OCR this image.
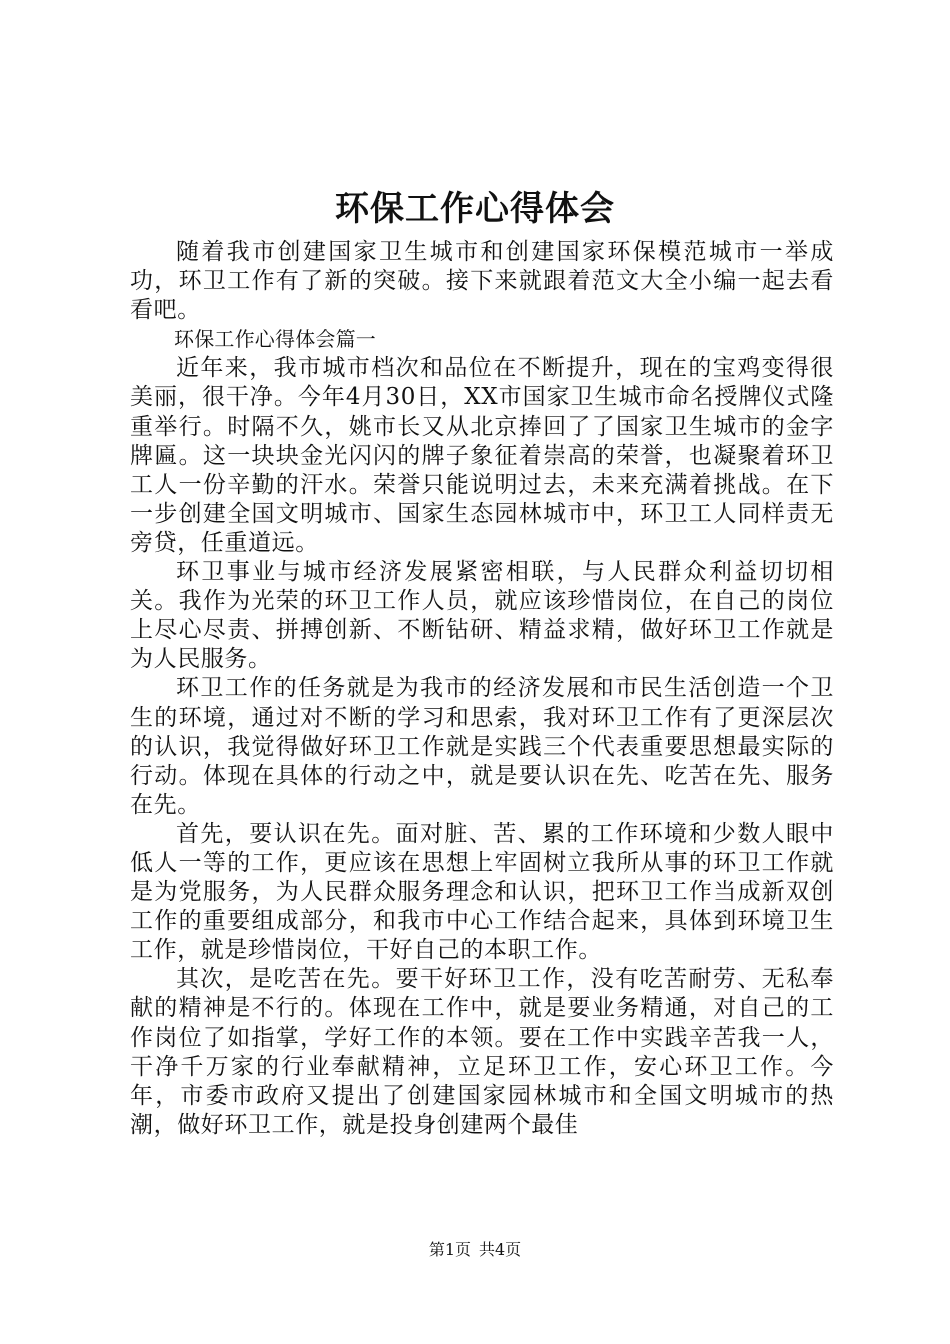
环保工作心得体会

随着我市创建国家卫生城市和创建国家环保模范城市一举成功，环卫工作有了新的突破。接下来就跟着范文大全小编一起去看看吧。

环保工作心得体会篇一

近年来，我市城市档次和品位在不断提升，现在的宝鸡变得很美丽，很干净。今年4月30日，XX市国家卫生城市命名授牌仪式隆重举行。时隔不久，姚市长又从北京捧回了了国家卫生城市的金字牌匾。这一块块金光闪闪的牌子象征着崇高的荣誉，也凝聚着环卫工人一份辛勤的汗水。荣誉只能说明过去，未来充满着挑战。在下一步创建全国文明城市、国家生态园林城市中，环卫工人同样责无旁贷，任重道远。

环卫事业与城市经济发展紧密相联，与人民群众利益切切相关。我作为光荣的环卫工作人员，就应该珍惜岗位，在自己的岗位上尽心尽责、拼搏创新、不断钻研、精益求精，做好环卫工作就是为人民服务。

环卫工作的任务就是为我市的经济发展和市民生活创造一个卫生的环境，通过对不断的学习和思索，我对环卫工作有了更深层次的认识，我觉得做好环卫工作就是实践三个代表重要思想最实际的行动。体现在具体的行动之中，就是要认识在先、吃苦在先、服务在先。

首先，要认识在先。面对脏、苦、累的工作环境和少数人眼中低人一等的工作，更应该在思想上牢固树立我所从事的环卫工作就是为党服务，为人民群众服务理念和认识，把环卫工作当成新双创工作的重要组成部分，和我市中心工作结合起来，具体到环境卫生工作，就是珍惜岗位，干好自己的本职工作。

其次，是吃苦在先。要干好环卫工作，没有吃苦耐劳、无私奉献的精神是不行的。体现在工作中，就是要业务精通，对自己的工作岗位了如指掌，学好工作的本领。要在工作中实践辛苦我一人，干净千万家的行业奉献精神，立足环卫工作，安心环卫工作。今年，市委市政府又提出了创建国家园林城市和全国文明城市的热潮，做好环卫工作，就是投身创建两个最佳

第1页 共4页
